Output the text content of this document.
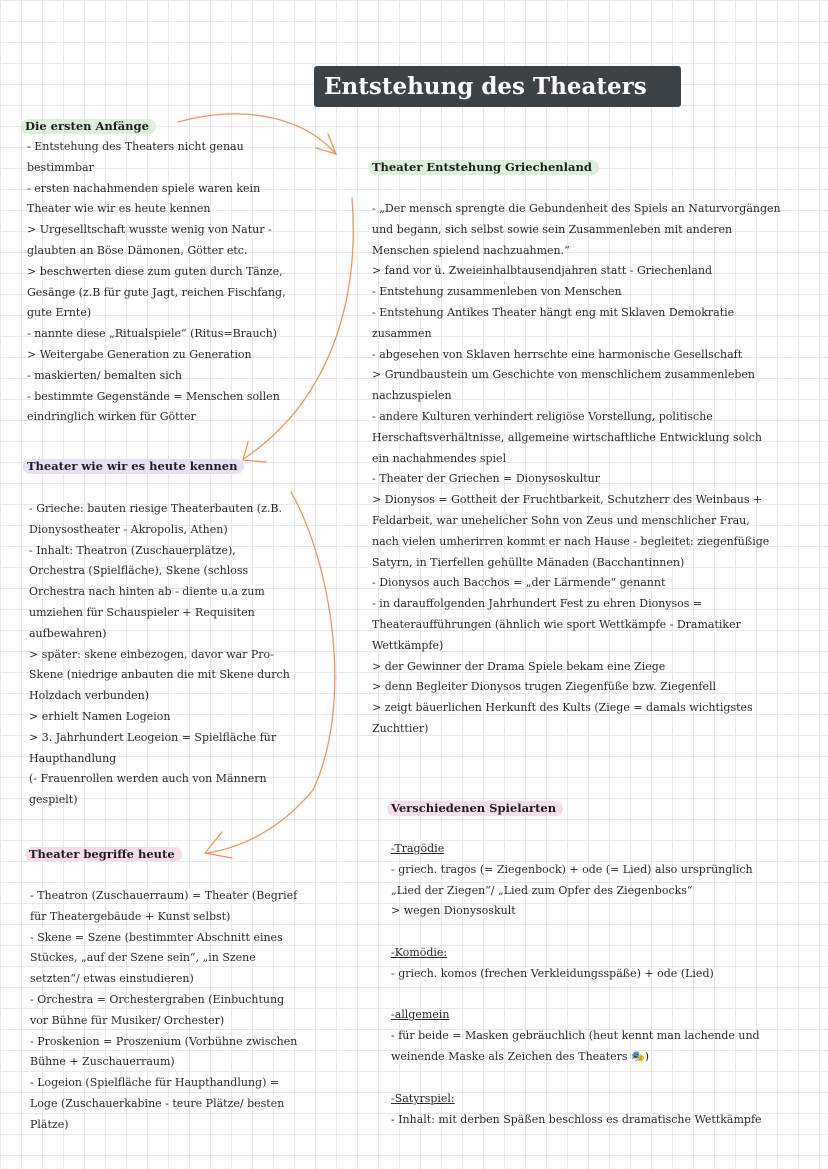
Entstehung des Theaters
Die ersten Anfänge
- Entstehung des Theaters nicht genau
bestimmbar
- ersten nachahmenden spiele waren kein
Theater wie wir es heute kennen
> Urgeselltschaft wusste wenig von Natur -
glaubten an Böse Dämonen, Götter etc.
> beschwerten diese zum guten durch Tänze,
Gesänge (z.B für gute Jagt, reichen Fischfang,
gute Ernte)
- nannte diese „Ritualspiele“ (Ritus=Brauch)
> Weitergabe Generation zu Generation
- maskierten/ bemalten sich
- bestimmte Gegenstände = Menschen sollen
eindringlich wirken für Götter
Theater wie wir es heute kennen
- Grieche: bauten riesige Theaterbauten (z.B.
Dionysostheater - Akropolis, Athen)
- Inhalt: Theatron (Zuschauerplätze),
Orchestra (Spielfläche), Skene (schloss
Orchestra nach hinten ab - diente u.a zum
umziehen für Schauspieler + Requisiten
aufbewahren)
> später: skene einbezogen, davor war Pro-
Skene (niedrige anbauten die mit Skene durch
Holzdach verbunden)
> erhielt Namen Logeion
> 3. Jahrhundert Leogeion = Spielfläche für
Haupthandlung
(- Frauenrollen werden auch von Männern
gespielt)
Theater begriffe heute
- Theatron (Zuschauerraum) = Theater (Begrief
für Theatergebäude + Kunst selbst)
- Skene = Szene (bestimmter Abschnitt eines
Stückes, „auf der Szene sein“, „in Szene
setzten“/ etwas einstudieren)
- Orchestra = Orchestergraben (Einbuchtung
vor Bühne für Musiker/ Orchester)
- Proskenion = Proszenium (Vorbühne zwischen
Bühne + Zuschauerraum)
- Logeion (Spielfläche für Haupthandlung) =
Loge (Zuschauerkabine - teure Plätze/ besten
Plätze)
Theater Entstehung Griechenland
- „Der mensch sprengte die Gebundenheit des Spiels an Naturvorgängen
und begann, sich selbst sowie sein Zusammenleben mit anderen
Menschen spielend nachzuahmen.“
> fand vor ü. Zweieinhalbtausendjahren statt - Griechenland
- Entstehung zusammenleben von Menschen
- Entstehung Antikes Theater hängt eng mit Sklaven Demokratie
zusammen
- abgesehen von Sklaven herrschte eine harmonische Gesellschaft
> Grundbaustein um Geschichte von menschlichem zusammenleben
nachzuspielen
- andere Kulturen verhindert religiöse Vorstellung, politische
Herschaftsverhältnisse, allgemeine wirtschaftliche Entwicklung solch
ein nachahmendes spiel
- Theater der Griechen = Dionysoskultur
> Dionysos = Gottheit der Fruchtbarkeit, Schutzherr des Weinbaus +
Feldarbeit, war unehelicher Sohn von Zeus und menschlicher Frau,
nach vielen umherirren kommt er nach Hause - begleitet: ziegenfüßige
Satyrn, in Tierfellen gehüllte Mänaden (Bacchantinnen)
- Dionysos auch Bacchos = „der Lärmende“ genannt
- in darauffolgenden Jahrhundert Fest zu ehren Dionysos =
Theateraufführungen (ähnlich wie sport Wettkämpfe - Dramatiker
Wettkämpfe)
> der Gewinner der Drama Spiele bekam eine Ziege
> denn Begleiter Dionysos trugen Ziegenfüße bzw. Ziegenfell
> zeigt bäuerlichen Herkunft des Kults (Ziege = damals wichtigstes
Zuchttier)
Verschiedenen Spielarten
-Tragödie
- griech. tragos (= Ziegenbock) + ode (= Lied) also ursprünglich
„Lied der Ziegen“/ „Lied zum Opfer des Ziegenbocks“
> wegen Dionysoskult
-Komödie:
- griech. komos (frechen Verkleidungsspäße) + ode (Lied)
-allgemein
- für beide = Masken gebräuchlich (heut kennt man lachende und
weinende Maske als Zeichen des Theaters 🎭)
-Satyrspiel:
- Inhalt: mit derben Späßen beschloss es dramatische Wettkämpfe
